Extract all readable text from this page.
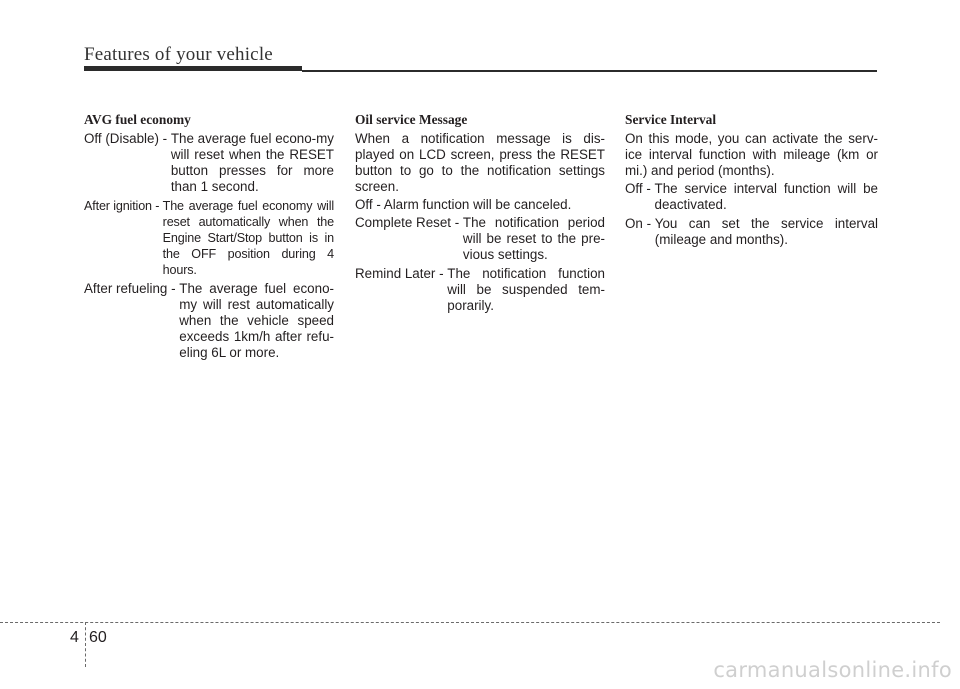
Features of your vehicle
AVG fuel economy
Off (Disable) - The average fuel econo-my will reset when the RESET button presses for more than 1 second.
After ignition - The average fuel economy will reset automatically when the Engine Start/Stop button is in the OFF position during 4 hours.
After refueling - The average fuel econo-my will rest automatically when the vehicle speed exceeds 1km/h after refu-eling 6L or more.
Oil service Message
When a notification message is dis-played on LCD screen, press the RESET button to go to the notification settings screen.
Off - Alarm function will be canceled.
Complete Reset - The notification period will be reset to the pre-vious settings.
Remind Later - The notification function will be suspended tem-porarily.
Service Interval
On this mode, you can activate the serv-ice interval function with mileage (km or mi.) and period (months).
Off - The service interval function will be deactivated.
On - You can set the service interval (mileage and months).
4 60
carmanualsonline.info
